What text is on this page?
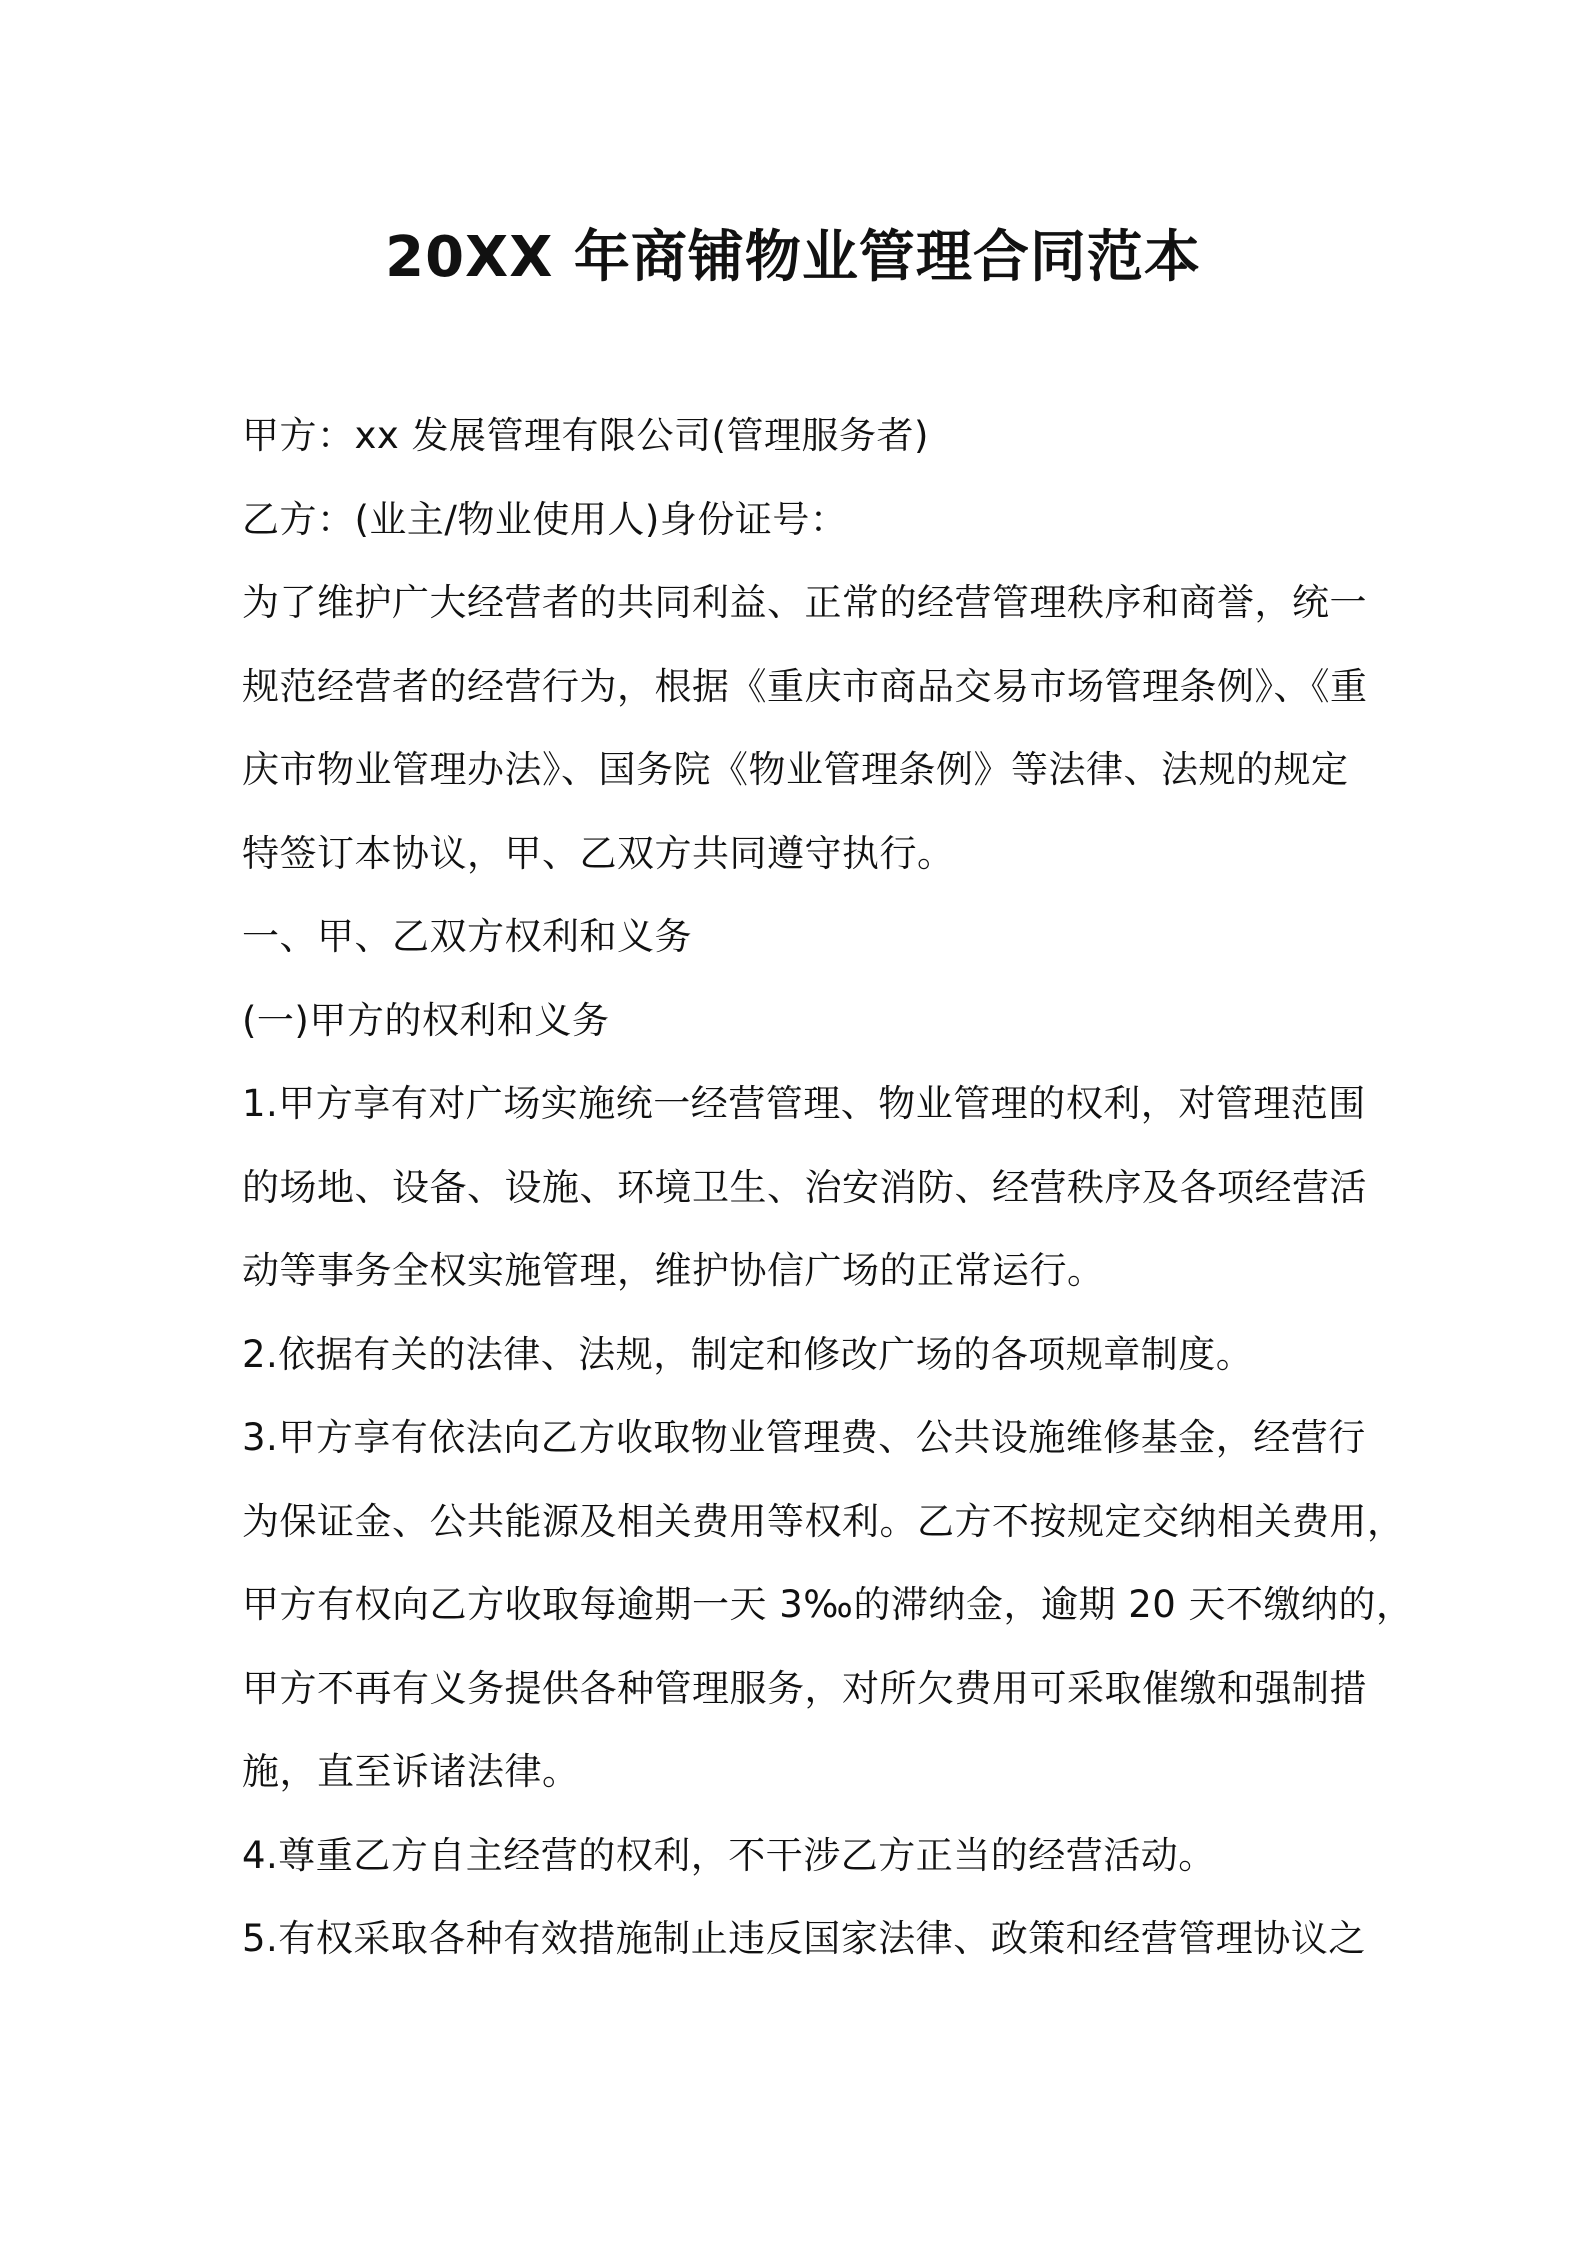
20XX 年商铺物业管理合同范本
甲方：xx 发展管理有限公司(管理服务者)
乙方：(业主/物业使用人)身份证号：
为了维护广大经营者的共同利益、正常的经营管理秩序和商誉，统一
规范经营者的经营行为，根据《重庆市商品交易市场管理条例》、《重
庆市物业管理办法》、国务院《物业管理条例》等法律、法规的规定
特签订本协议，甲、乙双方共同遵守执行。
一、甲、乙双方权利和义务
(一)甲方的权利和义务
1.甲方享有对广场实施统一经营管理、物业管理的权利，对管理范围
的场地、设备、设施、环境卫生、治安消防、经营秩序及各项经营活
动等事务全权实施管理，维护协信广场的正常运行。
2.依据有关的法律、法规，制定和修改广场的各项规章制度。
3.甲方享有依法向乙方收取物业管理费、公共设施维修基金，经营行
为保证金、公共能源及相关费用等权利。乙方不按规定交纳相关费用，
甲方有权向乙方收取每逾期一天 3‰的滞纳金，逾期 20 天不缴纳的，
甲方不再有义务提供各种管理服务，对所欠费用可采取催缴和强制措
施，直至诉诸法律。
4.尊重乙方自主经营的权利，不干涉乙方正当的经营活动。
5.有权采取各种有效措施制止违反国家法律、政策和经营管理协议之
